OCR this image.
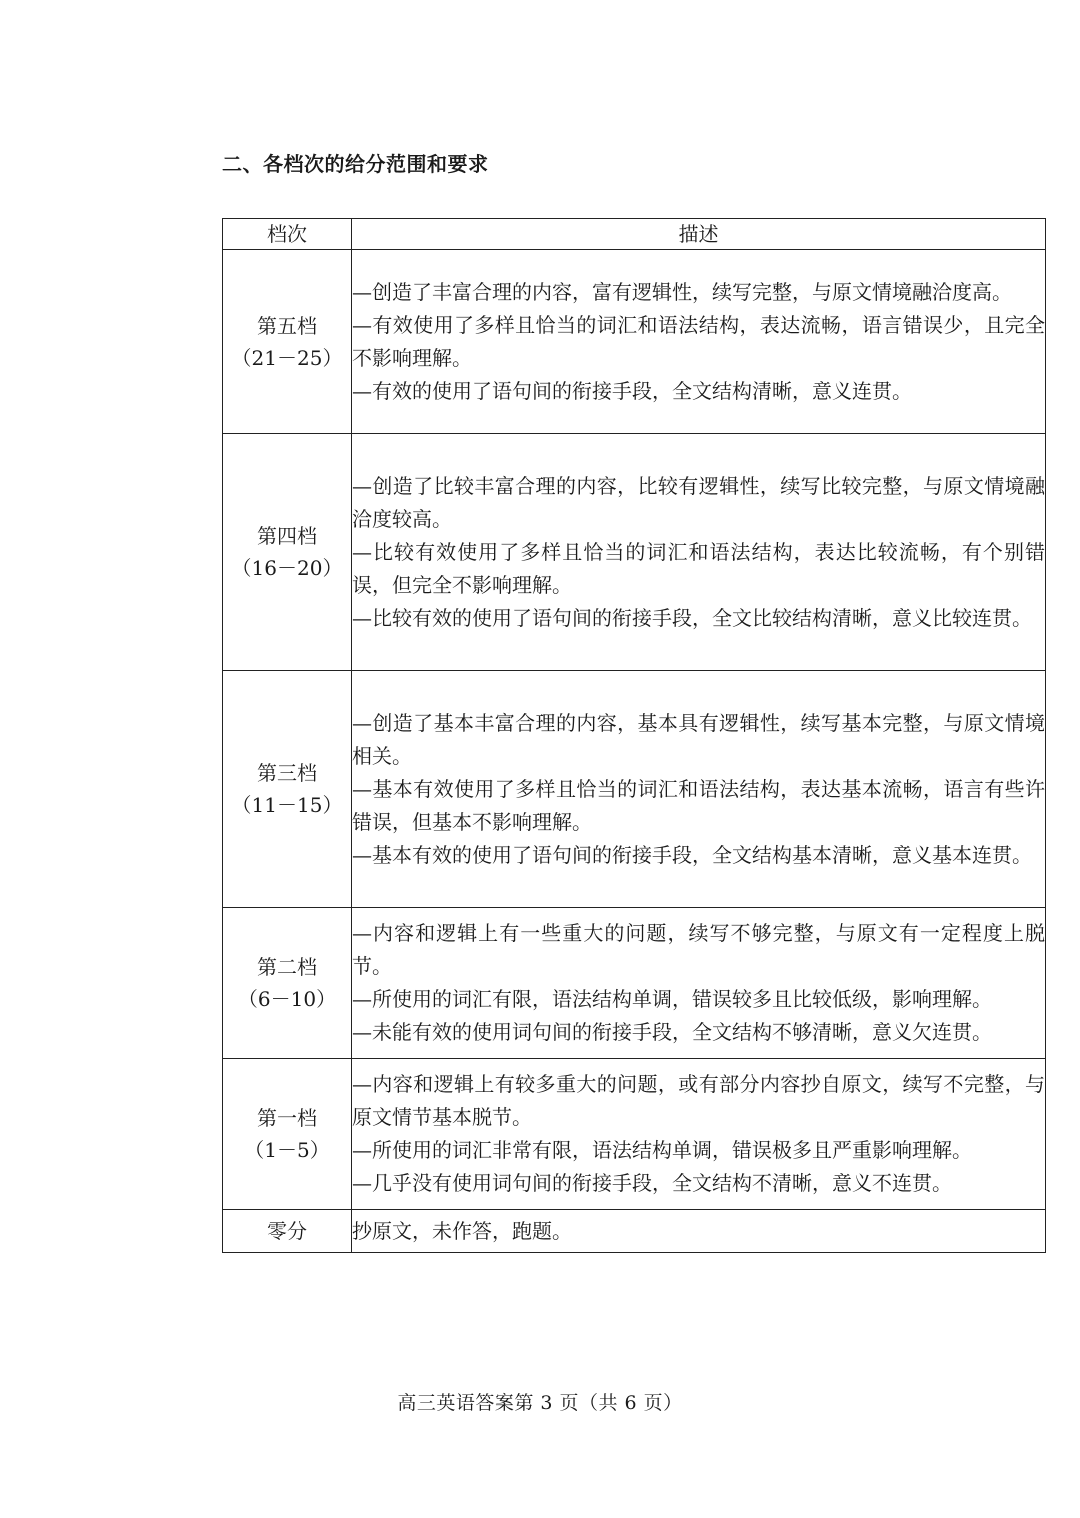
二、各档次的给分范围和要求
档次	描述

第五档
（21－25）	—创造了丰富合理的内容，富有逻辑性，续写完整，与原文情境融洽度高。
—有效使用了多样且恰当的词汇和语法结构，表达流畅，语言错误少，且完全不影响理解。
—有效的使用了语句间的衔接手段，全文结构清晰，意义连贯。

第四档
（16－20）	—创造了比较丰富合理的内容，比较有逻辑性，续写比较完整，与原文情境融洽度较高。
—比较有效使用了多样且恰当的词汇和语法结构，表达比较流畅，有个别错误，但完全不影响理解。
—比较有效的使用了语句间的衔接手段，全文比较结构清晰，意义比较连贯。

第三档
（11－15）	—创造了基本丰富合理的内容，基本具有逻辑性，续写基本完整，与原文情境相关。
—基本有效使用了多样且恰当的词汇和语法结构，表达基本流畅，语言有些许错误，但基本不影响理解。
—基本有效的使用了语句间的衔接手段，全文结构基本清晰，意义基本连贯。

第二档
（6－10）	—内容和逻辑上有一些重大的问题，续写不够完整，与原文有一定程度上脱节。
—所使用的词汇有限，语法结构单调，错误较多且比较低级，影响理解。
—未能有效的使用词句间的衔接手段，全文结构不够清晰，意义欠连贯。

第一档
（1－5）	—内容和逻辑上有较多重大的问题，或有部分内容抄自原文，续写不完整，与原文情节基本脱节。
—所使用的词汇非常有限，语法结构单调，错误极多且严重影响理解。
—几乎没有使用词句间的衔接手段，全文结构不清晰，意义不连贯。

零分	抄原文，未作答，跑题。
高三英语答案第 3 页（共 6 页）
